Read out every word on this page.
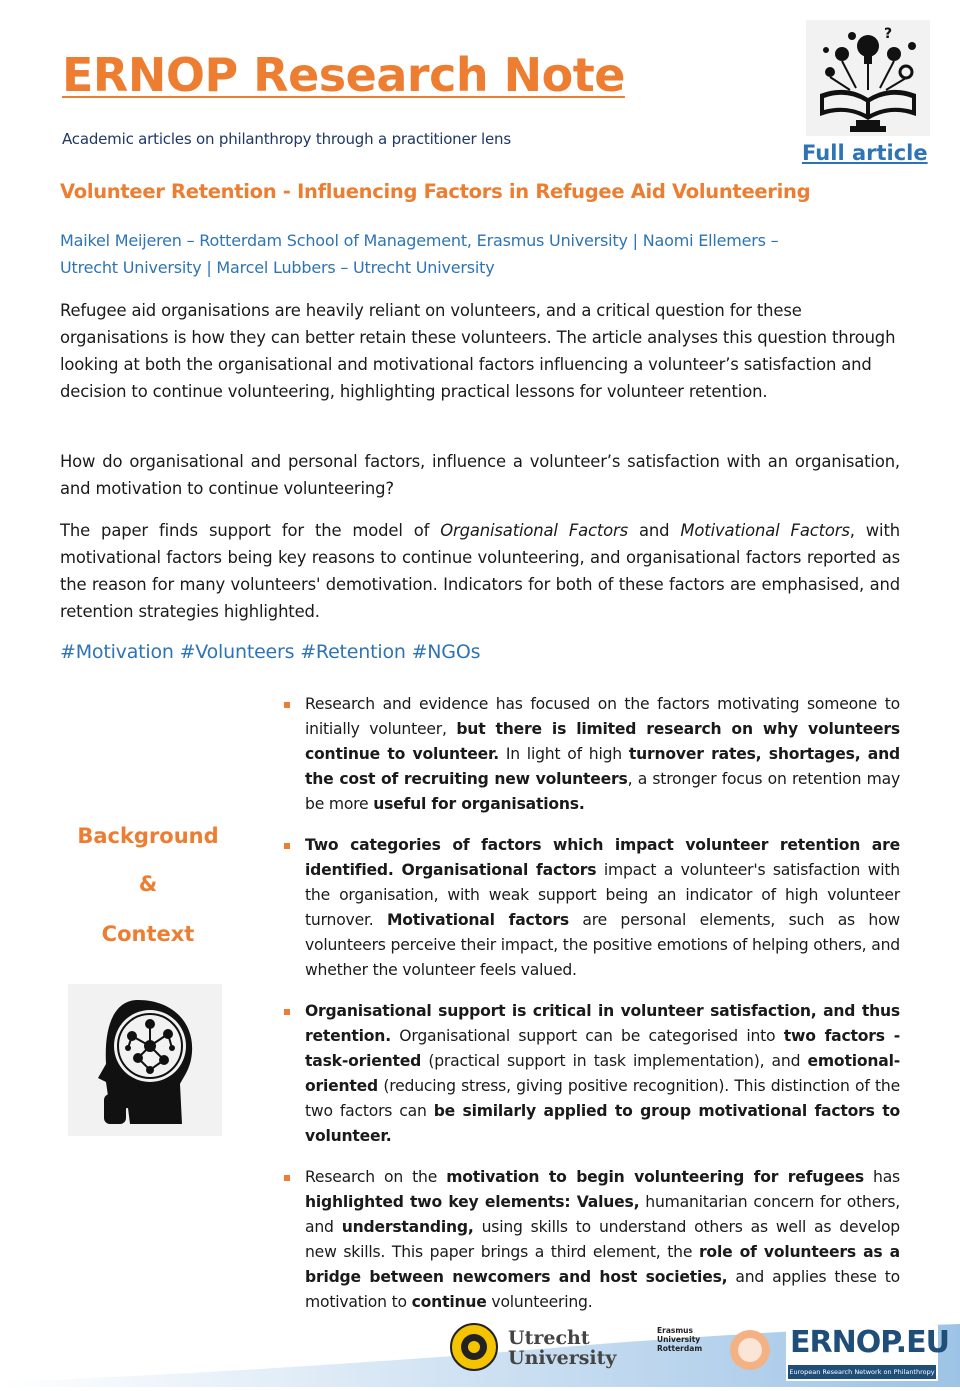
ERNOP Research Note
Academic articles on philanthropy through a practitioner lens
?
Full article
Volunteer Retention - Influencing Factors in Refugee Aid Volunteering
Maikel Meijeren – Rotterdam School of Management, Erasmus University | Naomi Ellemers –
Utrecht University | Marcel Lubbers – Utrecht University
Refugee aid organisations are heavily reliant on volunteers, and a critical question for these organisations is how they can better retain these volunteers. The article analyses this question through looking at both the organisational and motivational factors influencing a volunteer’s satisfaction and decision to continue volunteering, highlighting practical lessons for volunteer retention.
How do organisational and personal factors, influence a volunteer’s satisfaction with an organisation, and motivation to continue volunteering?
The paper finds support for the model of Organisational Factors and Motivational Factors, with motivational factors being key reasons to continue volunteering, and organisational factors reported as the reason for many volunteers' demotivation. Indicators for both of these factors are emphasised, and retention strategies highlighted.
#Motivation #Volunteers #Retention #NGOs
Background
&
Context
Research and evidence has focused on the factors motivating someone to initially volunteer, but there is limited research on why volunteers continue to volunteer. In light of high turnover rates, shortages, and the cost of recruiting new volunteers, a stronger focus on retention may be more useful for organisations.
Two categories of factors which impact volunteer retention are identified. Organisational factors impact a volunteer's satisfaction with the organisation, with weak support being an indicator of high volunteer turnover. Motivational factors are personal elements, such as how volunteers perceive their impact, the positive emotions of helping others, and whether the volunteer feels valued.
Organisational support is critical in volunteer satisfaction, and thus retention. Organisational support can be categorised into two factors - task-oriented (practical support in task implementation), and emotional-oriented (reducing stress, giving positive recognition). This distinction of the two factors can be similarly applied to group motivational factors to volunteer.
Research on the motivation to begin volunteering for refugees has highlighted two key elements: Values, humanitarian concern for others, and understanding, using skills to understand others as well as develop new skills. This paper brings a third element, the role of volunteers as a bridge between newcomers and host societies, and applies these to motivation to continue volunteering.
Utrecht
University
Erasmus
University
Rotterdam	ERNOP.EU
European Research Network on Philanthropy
